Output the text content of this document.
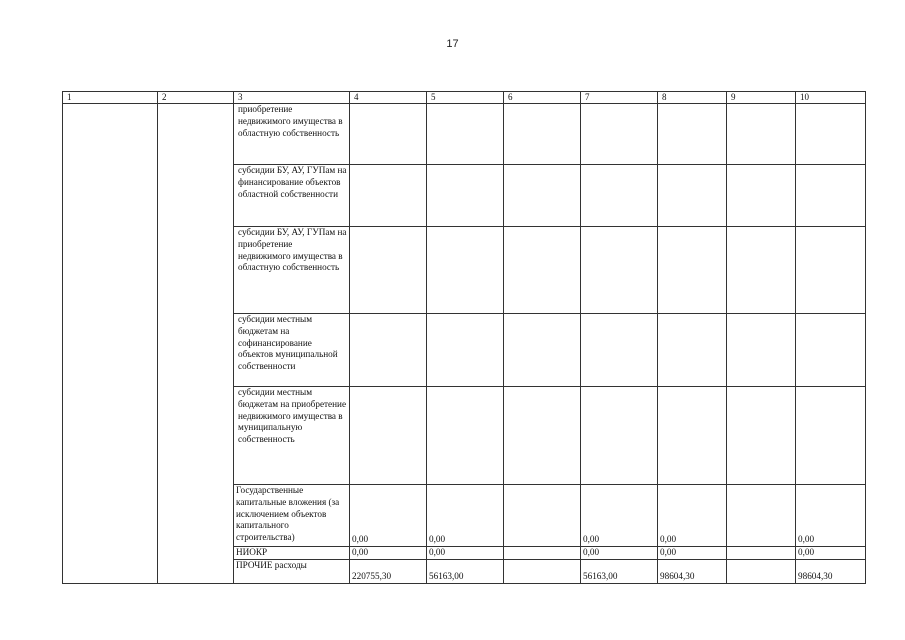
17
1	2	3	4	5	6	7	8	9	10
		приобретение недвижимого имущества в областную собственность							
		субсидии БУ, АУ, ГУПам на финансирование объектов областной собственности							
		субсидии БУ, АУ, ГУПам на приобретение недвижимого имущества в областную собственность							
		субсидии местным бюджетам на софинансирование объектов муниципальной собственности							
		субсидии местным бюджетам на приобретение недвижимого имущества в муниципальную собственность							
		Государственные капитальные вложения (за исключением объектов капитального строительства)	0,00	0,00		0,00	0,00		0,00
		НИОКР	0,00	0,00		0,00	0,00		0,00
		ПРОЧИЕ расходы	220755,30	56163,00		56163,00	98604,30		98604,30
